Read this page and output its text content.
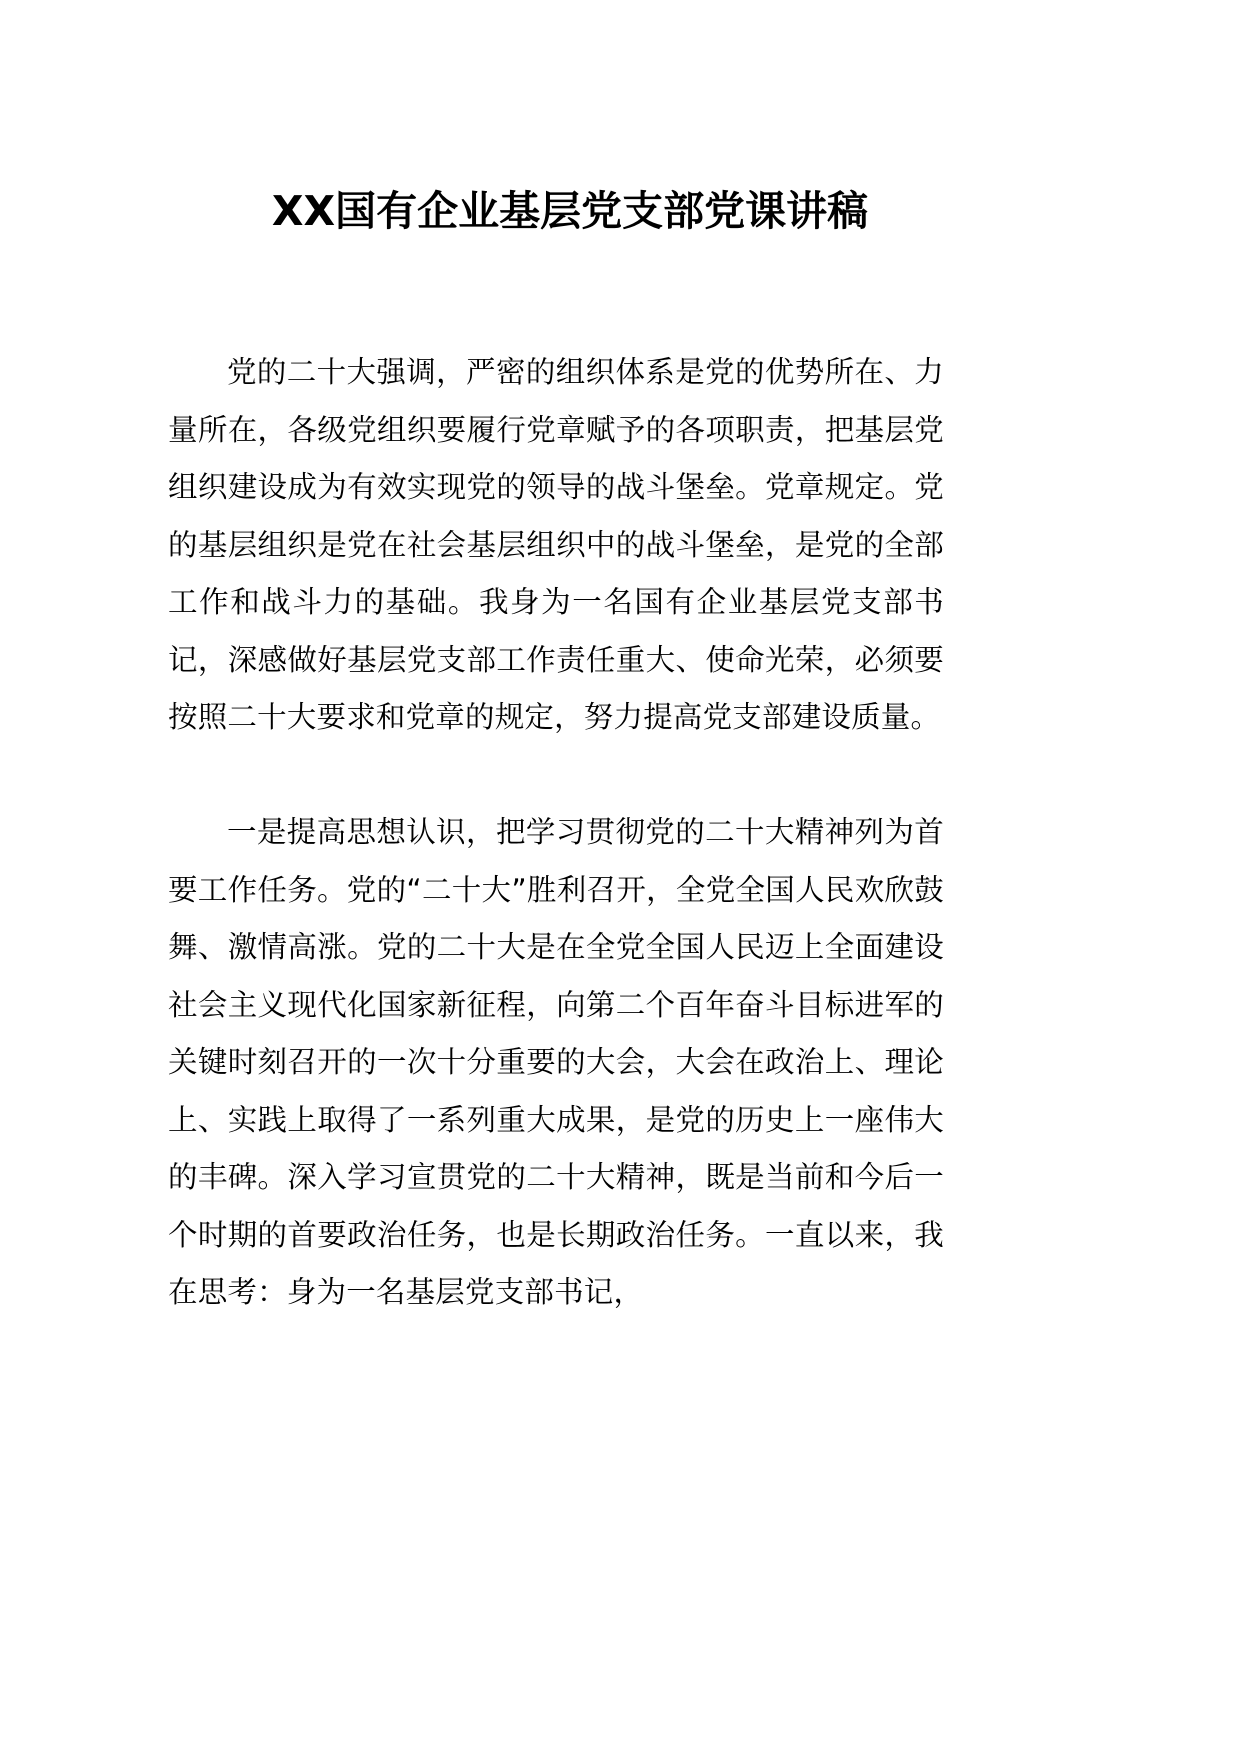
XX国有企业基层党支部党课讲稿

党的二十大强调，严密的组织体系是党的优势所在、力量所在，各级党组织要履行党章赋予的各项职责，把基层党组织建设成为有效实现党的领导的战斗堡垒。党章规定。党的基层组织是党在社会基层组织中的战斗堡垒，是党的全部工作和战斗力的基础。我身为一名国有企业基层党支部书记，深感做好基层党支部工作责任重大、使命光荣，必须要按照二十大要求和党章的规定，努力提高党支部建设质量。

一是提高思想认识，把学习贯彻党的二十大精神列为首要工作任务。党的“二十大”胜利召开，全党全国人民欢欣鼓舞、激情高涨。党的二十大是在全党全国人民迈上全面建设社会主义现代化国家新征程，向第二个百年奋斗目标进军的关键时刻召开的一次十分重要的大会，大会在政治上、理论上、实践上取得了一系列重大成果，是党的历史上一座伟大的丰碑。深入学习宣贯党的二十大精神，既是当前和今后一个时期的首要政治任务，也是长期政治任务。一直以来，我在思考：身为一名基层党支部书记，
